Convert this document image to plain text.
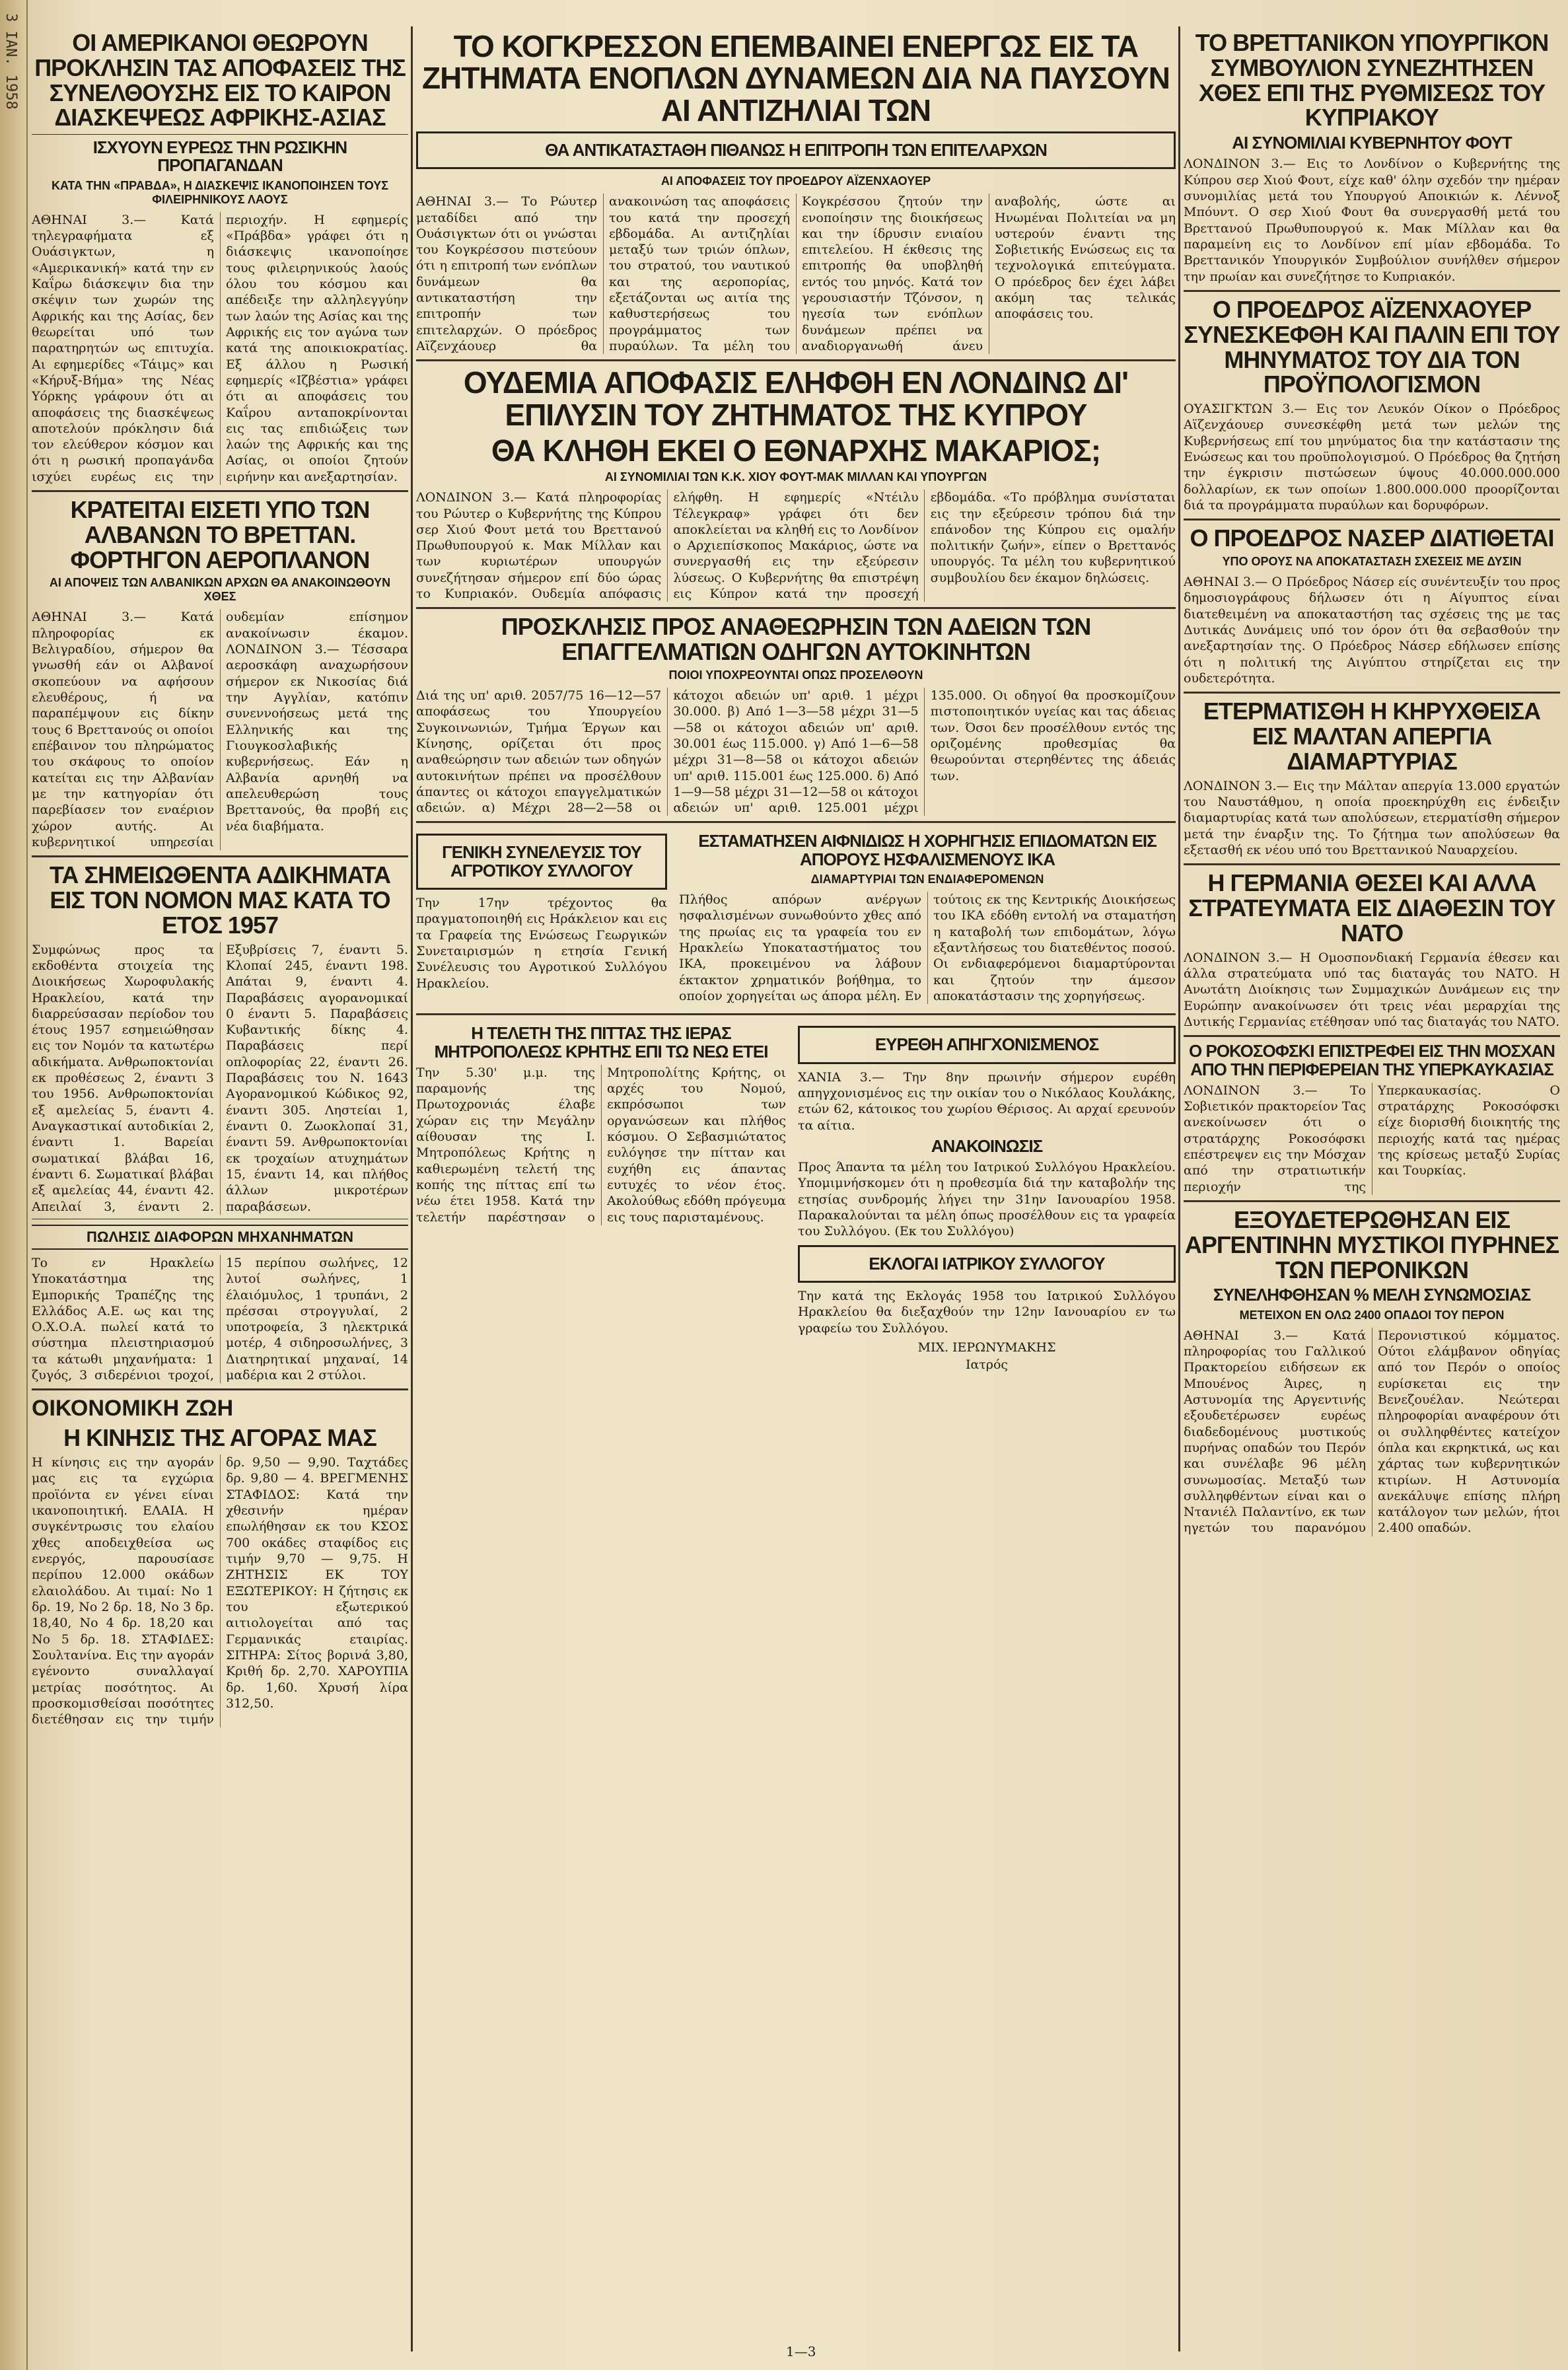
3 ΙΑΝ. 1958	ΟΙ ΑΜΕΡΙΚΑΝΟΙ ΘΕΩΡΟΥΝ ΠΡΟΚΛΗΣΙΝ ΤΑΣ ΑΠΟΦΑΣΕΙΣ ΤΗΣ ΣΥΝΕΛΘΟΥΣΗΣ ΕΙΣ ΤΟ ΚΑΙΡΟΝ ΔΙΑΣΚΕΨΕΩΣ ΑΦΡΙΚΗΣ-ΑΣΙΑΣ
ΙΣΧΥΟΥΝ ΕΥΡΕΩΣ ΤΗΝ ΡΩΣΙΚΗΝ ΠΡΟΠΑΓΑΝΔΑΝ
ΚΑΤΑ ΤΗΝ «ΠΡΑΒΔΑ», Η ΔΙΑΣΚΕΨΙΣ ΙΚΑΝΟΠΟΙΗΣΕΝ ΤΟΥΣ ΦΙΛΕΙΡΗΝΙΚΟΥΣ ΛΑΟΥΣ
ΑΘΗΝΑΙ 3.— Κατά τηλεγραφήματα εξ Ουάσιγκτων, η «Αμερικανική» κατά την εν Καΐρω διάσκεψιν δια την σκέψιν των χωρών της Αφρικής και της Ασίας, δεν θεωρείται υπό των παρατηρητών ως επιτυχία. Αι εφημερίδες «Τάιμς» και «Κήρυξ-Βήμα» της Νέας Υόρκης γράφουν ότι αι αποφάσεις της διασκέψεως αποτελούν πρόκλησιν διά τον ελεύθερον κόσμον και ότι η ρωσική προπαγάνδα ισχύει ευρέως εις την περιοχήν. Η εφημερίς «Πράβδα» γράφει ότι η διάσκεψις ικανοποίησε τους φιλειρηνικούς λαούς όλου του κόσμου και απέδειξε την αλληλεγγύην των λαών της Ασίας και της Αφρικής εις τον αγώνα των κατά της αποικιοκρατίας. Εξ άλλου η Ρωσική εφημερίς «Ιζβέστια» γράφει ότι αι αποφάσεις του Καΐρου ανταποκρίνονται εις τας επιδιώξεις των λαών της Αφρικής και της Ασίας, οι οποίοι ζητούν ειρήνην και ανεξαρτησίαν.
ΚΡΑΤΕΙΤΑΙ ΕΙΣΕΤΙ ΥΠΟ ΤΩΝ ΑΛΒΑΝΩΝ ΤΟ ΒΡΕΤΤΑΝ. ΦΟΡΤΗΓΟΝ ΑΕΡΟΠΛΑΝΟΝ
ΑΙ ΑΠΟΨΕΙΣ ΤΩΝ ΑΛΒΑΝΙΚΩΝ ΑΡΧΩΝ ΘΑ ΑΝΑΚΟΙΝΩΘΟΥΝ ΧΘΕΣ
ΑΘΗΝΑΙ 3.— Κατά πληροφορίας εκ Βελιγραδίου, σήμερον θα γνωσθή εάν οι Αλβανοί σκοπεύουν να αφήσουν ελευθέρους, ή να παραπέμψουν εις δίκην τους 6 Βρεττανούς οι οποίοι επέβαινον του πληρώματος του σκάφους το οποίον κατείται εις την Αλβανίαν με την κατηγορίαν ότι παρεβίασεν τον εναέριον χώρον αυτής. Αι κυβερνητικοί υπηρεσίαι ουδεμίαν επίσημον ανακοίνωσιν έκαμον. ΛΟΝΔΙΝΟΝ 3.— Τέσσαρα αεροσκάφη αναχωρήσουν σήμερον εκ Νικοσίας διά την Αγγλίαν, κατόπιν συνεννοήσεως μετά της Ελληνικής και της Γιουγκοσλαβικής κυβερνήσεως. Εάν η Αλβανία αρνηθή να απελευθερώση τους Βρεττανούς, θα προβή εις νέα διαβήματα.
ΤΑ ΣΗΜΕΙΩΘΕΝΤΑ ΑΔΙΚΗΜΑΤΑ ΕΙΣ ΤΟΝ ΝΟΜΟΝ ΜΑΣ ΚΑΤΑ ΤΟ ΕΤΟΣ 1957
Συμφώνως προς τα εκδοθέντα στοιχεία της Διοικήσεως Χωροφυλακής Ηρακλείου, κατά την διαρρεύσασαν περίοδον του έτους 1957 εσημειώθησαν εις τον Νομόν τα κατωτέρω αδικήματα. Ανθρωποκτονίαι εκ προθέσεως 2, έναντι 3 του 1956. Ανθρωποκτονίαι εξ αμελείας 5, έναντι 4. Αναγκαστικαί αυτοδικίαι 2, έναντι 1. Βαρείαι σωματικαί βλάβαι 16, έναντι 6. Σωματικαί βλάβαι εξ αμελείας 44, έναντι 42. Απειλαί 3, έναντι 2. Εξυβρίσεις 7, έναντι 5. Κλοπαί 245, έναντι 198. Απάται 9, έναντι 4. Παραβάσεις αγορανομικαί 0 έναντι 5. Παραβάσεις Κυβαντικής δίκης 4. Παραβάσεις περί οπλοφορίας 22, έναντι 26. Παραβάσεις του Ν. 1643 Αγορανομικού Κώδικος 92, έναντι 305. Ληστείαι 1, έναντι 0. Ζωοκλοπαί 31, έναντι 59. Ανθρωποκτονίαι εκ τροχαίων ατυχημάτων 15, έναντι 14, και πλήθος άλλων μικροτέρων παραβάσεων.
ΠΩΛΗΣΙΣ ΔΙΑΦΟΡΩΝ ΜΗΧΑΝΗΜΑΤΩΝ
Το εν Ηρακλείω Υποκατάστημα της Εμπορικής Τραπέζης της Ελλάδος Α.Ε. ως και της Ο.Χ.Ο.Α. πωλεί κατά το σύστημα πλειστηριασμού τα κάτωθι μηχανήματα: 1 ζυγός, 3 σιδερένιοι τροχοί, 15 περίπου σωλήνες, 12 λυτοί σωλήνες, 1 έλαιόμυλος, 1 τρυπάνι, 2 πρέσσαι στρογγυλαί, 2 υποτροφεία, 3 ηλεκτρικά μοτέρ, 4 σιδηροσωλήνες, 3 Διατηρητικαί μηχαναί, 14 μαδέρια και 2 στύλοι.
ΟΙΚΟΝΟΜΙΚΗ ΖΩΗ
Η ΚΙΝΗΣΙΣ ΤΗΣ ΑΓΟΡΑΣ ΜΑΣ
Η κίνησις εις την αγοράν μας εις τα εγχώρια προϊόντα εν γένει είναι ικανοποιητική. ΕΛΑΙΑ. Η συγκέντρωσις του ελαίου χθες αποδειχθείσα ως ενεργός, παρουσίασε περίπου 12.000 οκάδων ελαιολάδου. Αι τιμαί: Νο 1 δρ. 19, Νο 2 δρ. 18, Νο 3 δρ. 18,40, Νο 4 δρ. 18,20 και Νο 5 δρ. 18. ΣΤΑΦΙΔΕΣ: Σουλτανίνα. Εις την αγοράν εγένοντο συναλλαγαί μετρίας ποσότητος. Αι προσκομισθείσαι ποσότητες διετέθησαν εις την τιμήν δρ. 9,50 — 9,90. Ταχτάδες δρ. 9,80 — 4. ΒΡΕΓΜΕΝΗΣ ΣΤΑΦΙΔΟΣ: Κατά την χθεσινήν ημέραν επωλήθησαν εκ του ΚΣΟΣ 700 οκάδες σταφίδος εις τιμήν 9,70 — 9,75. Η ΖΗΤΗΣΙΣ ΕΚ ΤΟΥ ΕΞΩΤΕΡΙΚΟΥ: Η ζήτησις εκ του εξωτερικού αιτιολογείται από τας Γερμανικάς εταιρίας. ΣΙΤΗΡΑ: Σίτος βορινά 3,80, Κριθή δρ. 2,70. ΧΑΡΟΥΠΙΑ δρ. 1,60. Χρυσή λίρα 312,50.
ΤΟ ΚΟΓΚΡΕΣΣΟΝ ΕΠΕΜΒΑΙΝΕΙ ΕΝΕΡΓΩΣ ΕΙΣ ΤΑ ΖΗΤΗΜΑΤΑ ΕΝΟΠΛΩΝ ΔΥΝΑΜΕΩΝ ΔΙΑ ΝΑ ΠΑΥΣΟΥΝ ΑΙ ΑΝΤΙΖΗΛΙΑΙ ΤΩΝ
ΘΑ ΑΝΤΙΚΑΤΑΣΤΑΘΗ ΠΙΘΑΝΩΣ Η ΕΠΙΤΡΟΠΗ ΤΩΝ ΕΠΙΤΕΛΑΡΧΩΝ
ΑΙ ΑΠΟΦΑΣΕΙΣ ΤΟΥ ΠΡΟΕΔΡΟΥ ΑΪΖΕΝΧΑΟΥΕΡ
ΑΘΗΝΑΙ 3.— Το Ρώυτερ μεταδίδει από την Ουάσιγκτων ότι οι γνώσται του Κογκρέσσου πιστεύουν ότι η επιτροπή των ενόπλων δυνάμεων θα αντικαταστήση την επιτροπήν των επιτελαρχών. Ο πρόεδρος Αϊζενχάουερ θα ανακοινώση τας αποφάσεις του κατά την προσεχή εβδομάδα. Αι αντιζηλίαι μεταξύ των τριών όπλων, του στρατού, του ναυτικού και της αεροπορίας, εξετάζονται ως αιτία της καθυστερήσεως του προγράμματος των πυραύλων. Τα μέλη του Κογκρέσσου ζητούν την ενοποίησιν της διοικήσεως και την ίδρυσιν ενιαίου επιτελείου. Η έκθεσις της επιτροπής θα υποβληθή εντός του μηνός. Κατά τον γερουσιαστήν Τζόνσον, η ηγεσία των ενόπλων δυνάμεων πρέπει να αναδιοργανωθή άνευ αναβολής, ώστε αι Ηνωμέναι Πολιτείαι να μη υστερούν έναντι της Σοβιετικής Ενώσεως εις τα τεχνολογικά επιτεύγματα. Ο πρόεδρος δεν έχει λάβει ακόμη τας τελικάς αποφάσεις του.
ΟΥΔΕΜΙΑ ΑΠΟΦΑΣΙΣ ΕΛΗΦΘΗ ΕΝ ΛΟΝΔΙΝΩ ΔΙ' ΕΠΙΛΥΣΙΝ ΤΟΥ ΖΗΤΗΜΑΤΟΣ ΤΗΣ ΚΥΠΡΟΥ
ΘΑ ΚΛΗΘΗ ΕΚΕΙ Ο ΕΘΝΑΡΧΗΣ ΜΑΚΑΡΙΟΣ;
ΑΙ ΣΥΝΟΜΙΛΙΑΙ ΤΩΝ Κ.Κ. ΧΙΟΥ ΦΟΥΤ-ΜΑΚ ΜΙΛΛΑΝ ΚΑΙ ΥΠΟΥΡΓΩΝ
ΛΟΝΔΙΝΟΝ 3.— Κατά πληροφορίας του Ρώυτερ ο Κυβερνήτης της Κύπρου σερ Χιού Φουτ μετά του Βρεττανού Πρωθυπουργού κ. Μακ Μίλλαν και των κυριωτέρων υπουργών συνεζήτησαν σήμερον επί δύο ώρας το Κυπριακόν. Ουδεμία απόφασις ελήφθη. Η εφημερίς «Ντέιλυ Τέλεγκραφ» γράφει ότι δεν αποκλείεται να κληθή εις το Λονδίνον ο Αρχιεπίσκοπος Μακάριος, ώστε να συνεργασθή εις την εξεύρεσιν λύσεως. Ο Κυβερνήτης θα επιστρέψη εις Κύπρον κατά την προσεχή εβδομάδα. «Το πρόβλημα συνίσταται εις την εξεύρεσιν τρόπου διά την επάνοδον της Κύπρου εις ομαλήν πολιτικήν ζωήν», είπεν ο Βρεττανός υπουργός. Τα μέλη του κυβερνητικού συμβουλίου δεν έκαμον δηλώσεις.
ΠΡΟΣΚΛΗΣΙΣ ΠΡΟΣ ΑΝΑΘΕΩΡΗΣΙΝ ΤΩΝ ΑΔΕΙΩΝ ΤΩΝ ΕΠΑΓΓΕΛΜΑΤΙΩΝ ΟΔΗΓΩΝ ΑΥΤΟΚΙΝΗΤΩΝ
ΠΟΙΟΙ ΥΠΟΧΡΕΟΥΝΤΑΙ ΟΠΩΣ ΠΡΟΣΕΛΘΟΥΝ
Διά της υπ' αριθ. 2057/75 16—12—57 αποφάσεως του Υπουργείου Συγκοινωνιών, Τμήμα Έργων και Κίνησης, ορίζεται ότι προς αναθεώρησιν των αδειών των οδηγών αυτοκινήτων πρέπει να προσέλθουν άπαντες οι κάτοχοι επαγγελματικών αδειών. α) Μέχρι 28—2—58 οι κάτοχοι αδειών υπ' αριθ. 1 μέχρι 30.000. β) Από 1—3—58 μέχρι 31—5—58 οι κάτοχοι αδειών υπ' αριθ. 30.001 έως 115.000. γ) Από 1—6—58 μέχρι 31—8—58 οι κάτοχοι αδειών υπ' αριθ. 115.001 έως 125.000. δ) Από 1—9—58 μέχρι 31—12—58 οι κάτοχοι αδειών υπ' αριθ. 125.001 μέχρι 135.000. Οι οδηγοί θα προσκομίζουν πιστοποιητικόν υγείας και τας άδειας των. Όσοι δεν προσέλθουν εντός της οριζομένης προθεσμίας θα θεωρούνται στερηθέντες της άδειάς των.
ΓΕΝΙΚΗ ΣΥΝΕΛΕΥΣΙΣ ΤΟΥ ΑΓΡΟΤΙΚΟΥ ΣΥΛΛΟΓΟΥ
Την 17ην τρέχοντος θα πραγματοποιηθή εις Ηράκλειον και εις τα Γραφεία της Ενώσεως Γεωργικών Συνεταιρισμών η ετησία Γενική Συνέλευσις του Αγροτικού Συλλόγου Ηρακλείου.
ΕΣΤΑΜΑΤΗΣΕΝ ΑΙΦΝΙΔΙΩΣ Η ΧΟΡΗΓΗΣΙΣ ΕΠΙΔΟΜΑΤΩΝ ΕΙΣ ΑΠΟΡΟΥΣ ΗΣΦΑΛΙΣΜΕΝΟΥΣ ΙΚΑ
ΔΙΑΜΑΡΤΥΡΙΑΙ ΤΩΝ ΕΝΔΙΑΦΕΡΟΜΕΝΩΝ
Πλήθος απόρων ανέργων ησφαλισμένων συνωθούντο χθες από της πρωίας εις τα γραφεία του εν Ηρακλείω Υποκαταστήματος του ΙΚΑ, προκειμένου να λάβουν έκτακτον χρηματικόν βοήθημα, το οποίον χορηγείται ως άπορα μέλη. Εν τούτοις εκ της Κεντρικής Διοικήσεως του ΙΚΑ εδόθη εντολή να σταματήση η καταβολή των επιδομάτων, λόγω εξαντλήσεως του διατεθέντος ποσού. Οι ενδιαφερόμενοι διαμαρτύρονται και ζητούν την άμεσον αποκατάστασιν της χορηγήσεως.
Η ΤΕΛΕΤΗ ΤΗΣ ΠΙΤΤΑΣ ΤΗΣ ΙΕΡΑΣ ΜΗΤΡΟΠΟΛΕΩΣ ΚΡΗΤΗΣ ΕΠΙ ΤΩ ΝΕΩ ΕΤΕΙ
Την 5.30' μ.μ. της παραμονής της Πρωτοχρονιάς έλαβε χώραν εις την Μεγάλην αίθουσαν της Ι. Μητροπόλεως Κρήτης η καθιερωμένη τελετή της κοπής της πίττας επί τω νέω έτει 1958. Κατά την τελετήν παρέστησαν ο Μητροπολίτης Κρήτης, οι αρχές του Νομού, εκπρόσωποι των οργανώσεων και πλήθος κόσμου. Ο Σεβασμιώτατος ευλόγησε την πίτταν και ευχήθη εις άπαντας ευτυχές το νέον έτος. Ακολούθως εδόθη πρόγευμα εις τους παρισταμένους.
ΕΥΡΕΘΗ ΑΠΗΓΧΟΝΙΣΜΕΝΟΣ
ΧΑΝΙΑ 3.— Την 8ην πρωινήν σήμερον ευρέθη απηγχονισμένος εις την οικίαν του ο Νικόλαος Κουλάκης, ετών 62, κάτοικος του χωρίου Θέρισος. Αι αρχαί ερευνούν τα αίτια.
ΑΝΑΚΟΙΝΩΣΙΣ
Προς Άπαντα τα μέλη του Ιατρικού Συλλόγου Ηρακλείου. Υπομιμνήσκομεν ότι η προθεσμία διά την καταβολήν της ετησίας συνδρομής λήγει την 31ην Ιανουαρίου 1958. Παρακαλούνται τα μέλη όπως προσέλθουν εις τα γραφεία του Συλλόγου. (Εκ του Συλλόγου)
ΕΚΛΟΓΑΙ ΙΑΤΡΙΚΟΥ ΣΥΛΛΟΓΟΥ
Την κατά της Εκλογάς 1958 του Ιατρικού Συλλόγου Ηρακλείου θα διεξαχθούν την 12ην Ιανουαρίου εν τω γραφείω του Συλλόγου.
ΜΙΧ. ΙΕΡΩΝΥΜΑΚΗΣ
Ιατρός
ΤΟ ΒΡΕΤΤΑΝΙΚΟΝ ΥΠΟΥΡΓΙΚΟΝ ΣΥΜΒΟΥΛΙΟΝ ΣΥΝΕΖΗΤΗΣΕΝ ΧΘΕΣ ΕΠΙ ΤΗΣ ΡΥΘΜΙΣΕΩΣ ΤΟΥ ΚΥΠΡΙΑΚΟΥ
ΑΙ ΣΥΝΟΜΙΛΙΑΙ ΚΥΒΕΡΝΗΤΟΥ ΦΟΥΤ
ΛΟΝΔΙΝΟΝ 3.— Εις το Λονδίνον ο Κυβερνήτης της Κύπρου σερ Χιού Φουτ, είχε καθ' όλην σχεδόν την ημέραν συνομιλίας μετά του Υπουργού Αποικιών κ. Λέννοξ Μπόυντ. Ο σερ Χιού Φουτ θα συνεργασθή μετά του Βρεττανού Πρωθυπουργού κ. Μακ Μίλλαν και θα παραμείνη εις το Λονδίνον επί μίαν εβδομάδα. Το Βρεττανικόν Υπουργικόν Συμβούλιον συνήλθεν σήμερον την πρωίαν και συνεζήτησε το Κυπριακόν.
Ο ΠΡΟΕΔΡΟΣ ΑΪΖΕΝΧΑΟΥΕΡ ΣΥΝΕΣΚΕΦΘΗ ΚΑΙ ΠΑΛΙΝ ΕΠΙ ΤΟΥ ΜΗΝΥΜΑΤΟΣ ΤΟΥ ΔΙΑ ΤΟΝ ΠΡΟΫΠΟΛΟΓΙΣΜΟΝ
ΟΥΑΣΙΓΚΤΩΝ 3.— Εις τον Λευκόν Οίκον ο Πρόεδρος Αϊζενχάουερ συνεσκέφθη μετά των μελών της Κυβερνήσεως επί του μηνύματος δια την κατάστασιν της Ενώσεως και του προϋπολογισμού. Ο Πρόεδρος θα ζητήση την έγκρισιν πιστώσεων ύψους 40.000.000.000 δολλαρίων, εκ των οποίων 1.800.000.000 προορίζονται διά τα προγράμματα πυραύλων και δορυφόρων.
Ο ΠΡΟΕΔΡΟΣ ΝΑΣΕΡ ΔΙΑΤΙΘΕΤΑΙ
ΥΠΟ ΟΡΟΥΣ ΝΑ ΑΠΟΚΑΤΑΣΤΑΣΗ ΣΧΕΣΕΙΣ ΜΕ ΔΥΣΙΝ
ΑΘΗΝΑΙ 3.— Ο Πρόεδρος Νάσερ είς συνέντευξίν του προς δημοσιογράφους δήλωσεν ότι η Αίγυπτος είναι διατεθειμένη να αποκαταστήση τας σχέσεις της με τας Δυτικάς Δυνάμεις υπό τον όρον ότι θα σεβασθούν την ανεξαρτησίαν της. Ο Πρόεδρος Νάσερ εδήλωσεν επίσης ότι η πολιτική της Αιγύπτου στηρίζεται εις την ουδετερότητα.
ΕΤΕΡΜΑΤΙΣΘΗ Η ΚΗΡΥΧΘΕΙΣΑ ΕΙΣ ΜΑΛΤΑΝ ΑΠΕΡΓΙΑ ΔΙΑΜΑΡΤΥΡΙΑΣ
ΛΟΝΔΙΝΟΝ 3.— Εις την Μάλταν απεργία 13.000 εργατών του Ναυστάθμου, η οποία προεκηρύχθη εις ένδειξιν διαμαρτυρίας κατά των απολύσεων, ετερματίσθη σήμερον μετά την έναρξιν της. Το ζήτημα των απολύσεων θα εξετασθή εκ νέου υπό του Βρεττανικού Ναυαρχείου.
Η ΓΕΡΜΑΝΙΑ ΘΕΣΕΙ ΚΑΙ ΑΛΛΑ ΣΤΡΑΤΕΥΜΑΤΑ ΕΙΣ ΔΙΑΘΕΣΙΝ ΤΟΥ ΝΑΤΟ
ΛΟΝΔΙΝΟΝ 3.— Η Ομοσπονδιακή Γερμανία έθεσεν και άλλα στρατεύματα υπό τας διαταγάς του ΝΑΤΟ. Η Ανωτάτη Διοίκησις των Συμμαχικών Δυνάμεων εις την Ευρώπην ανακοίνωσεν ότι τρεις νέαι μεραρχίαι της Δυτικής Γερμανίας ετέθησαν υπό τας διαταγάς του ΝΑΤΟ.
Ο ΡΟΚΟΣΟΦΣΚΙ ΕΠΙΣΤΡΕΦΕΙ ΕΙΣ ΤΗΝ ΜΟΣΧΑΝ ΑΠΟ ΤΗΝ ΠΕΡΙΦΕΡΕΙΑΝ ΤΗΣ ΥΠΕΡΚΑΥΚΑΣΙΑΣ
ΛΟΝΔΙΝΟΝ 3.— Το Σοβιετικόν πρακτορείον Τας ανεκοίνωσεν ότι ο στρατάρχης Ροκοσόφσκι επέστρεψεν εις την Μόσχαν από την στρατιωτικήν περιοχήν της Υπερκαυκασίας. Ο στρατάρχης Ροκοσόφσκι είχε διορισθή διοικητής της περιοχής κατά τας ημέρας της κρίσεως μεταξύ Συρίας και Τουρκίας.
ΕΞΟΥΔΕΤΕΡΩΘΗΣΑΝ ΕΙΣ ΑΡΓΕΝΤΙΝΗΝ ΜΥΣΤΙΚΟΙ ΠΥΡΗΝΕΣ ΤΩΝ ΠΕΡΟΝΙΚΩΝ
ΣΥΝΕΛΗΦΘΗΣΑΝ % ΜΕΛΗ ΣΥΝΩΜΟΣΙΑΣ
ΜΕΤΕΙΧΟΝ ΕΝ ΟΛΩ 2400 ΟΠΑΔΟΙ ΤΟΥ ΠΕΡΟΝ
ΑΘΗΝΑΙ 3.— Κατά πληροφορίας του Γαλλικού Πρακτορείου ειδήσεων εκ Μπουένος Άιρες, η Αστυνομία της Αργεντινής εξουδετέρωσεν ευρέως διαδεδομένους μυστικούς πυρήνας οπαδών του Περόν και συνέλαβε 96 μέλη συνωμοσίας. Μεταξύ των συλληφθέντων είναι και ο Ντανιέλ Παλαντίνο, εκ των ηγετών του παρανόμου Περονιστικού κόμματος. Ούτοι ελάμβανον οδηγίας από τον Περόν ο οποίος ευρίσκεται εις την Βενεζουέλαν. Νεώτεραι πληροφορίαι αναφέρουν ότι οι συλληφθέντες κατείχον όπλα και εκρηκτικά, ως και χάρτας των κυβερνητικών κτιρίων. Η Αστυνομία ανεκάλυψε επίσης πλήρη κατάλογον των μελών, ήτοι 2.400 οπαδών.
1—3
